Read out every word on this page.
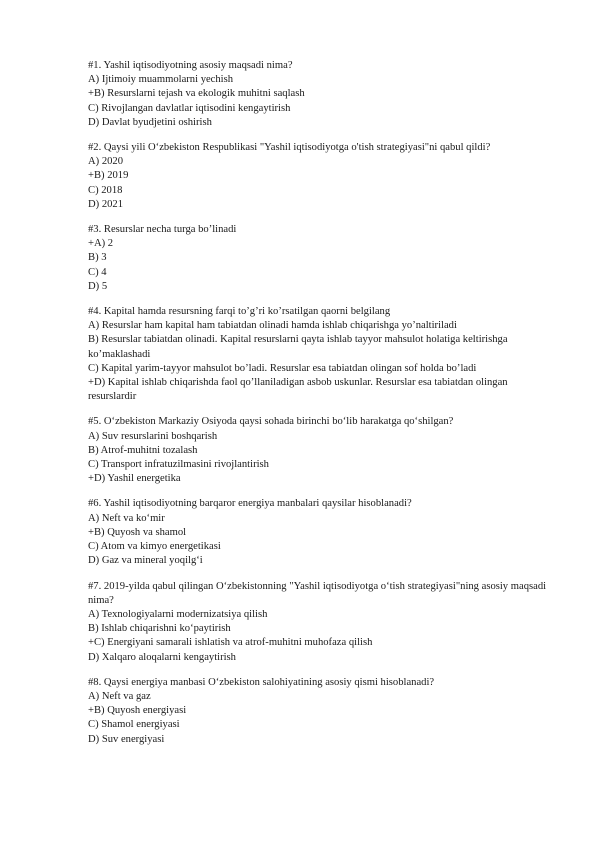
#1. Yashil iqtisodiyotning asosiy maqsadi nima?

A) Ijtimoiy muammolarni yechish

+B) Resurslarni tejash va ekologik muhitni saqlash

C) Rivojlangan davlatlar iqtisodini kengaytirish

D) Davlat byudjetini oshirish

#2. Qaysi yili O‘zbekiston Respublikasi "Yashil iqtisodiyotga o'tish strategiyasi"ni qabul qildi?

A) 2020

+B) 2019

C) 2018

D) 2021

#3. Resurslar necha turga bo’linadi

+A) 2

B) 3

C) 4

D) 5

#4. Kapital hamda resursning farqi to’g’ri ko’rsatilgan qaorni belgilang

A) Resurslar ham kapital ham tabiatdan olinadi hamda ishlab chiqarishga yo’naltiriladi

B) Resurslar tabiatdan olinadi. Kapital resurslarni qayta ishlab tayyor mahsulot holatiga keltirishga ko’maklashadi

C) Kapital yarim-tayyor mahsulot bo’ladi. Resurslar esa tabiatdan olingan sof holda bo’ladi

+D) Kapital ishlab chiqarishda faol qo’llaniladigan asbob uskunlar. Resurslar esa tabiatdan olingan resurslardir

#5. O‘zbekiston Markaziy Osiyoda qaysi sohada birinchi bo‘lib harakatga qo‘shilgan?

A) Suv resurslarini boshqarish

B) Atrof-muhitni tozalash

C) Transport infratuzilmasini rivojlantirish

+D) Yashil energetika

#6. Yashil iqtisodiyotning barqaror energiya manbalari qaysilar hisoblanadi?

A) Neft va ko‘mir

+B) Quyosh va shamol

C) Atom va kimyo energetikasi

D) Gaz va mineral yoqilg‘i

#7. 2019-yilda qabul qilingan O‘zbekistonning "Yashil iqtisodiyotga o‘tish strategiyasi"ning asosiy maqsadi nima?

A) Texnologiyalarni modernizatsiya qilish

B) Ishlab chiqarishni ko‘paytirish

+C) Energiyani samarali ishlatish va atrof-muhitni muhofaza qilish

D) Xalqaro aloqalarni kengaytirish

#8. Qaysi energiya manbasi O‘zbekiston salohiyatining asosiy qismi hisoblanadi?

A) Neft va gaz

+B) Quyosh energiyasi

C) Shamol energiyasi

D) Suv energiyasi
